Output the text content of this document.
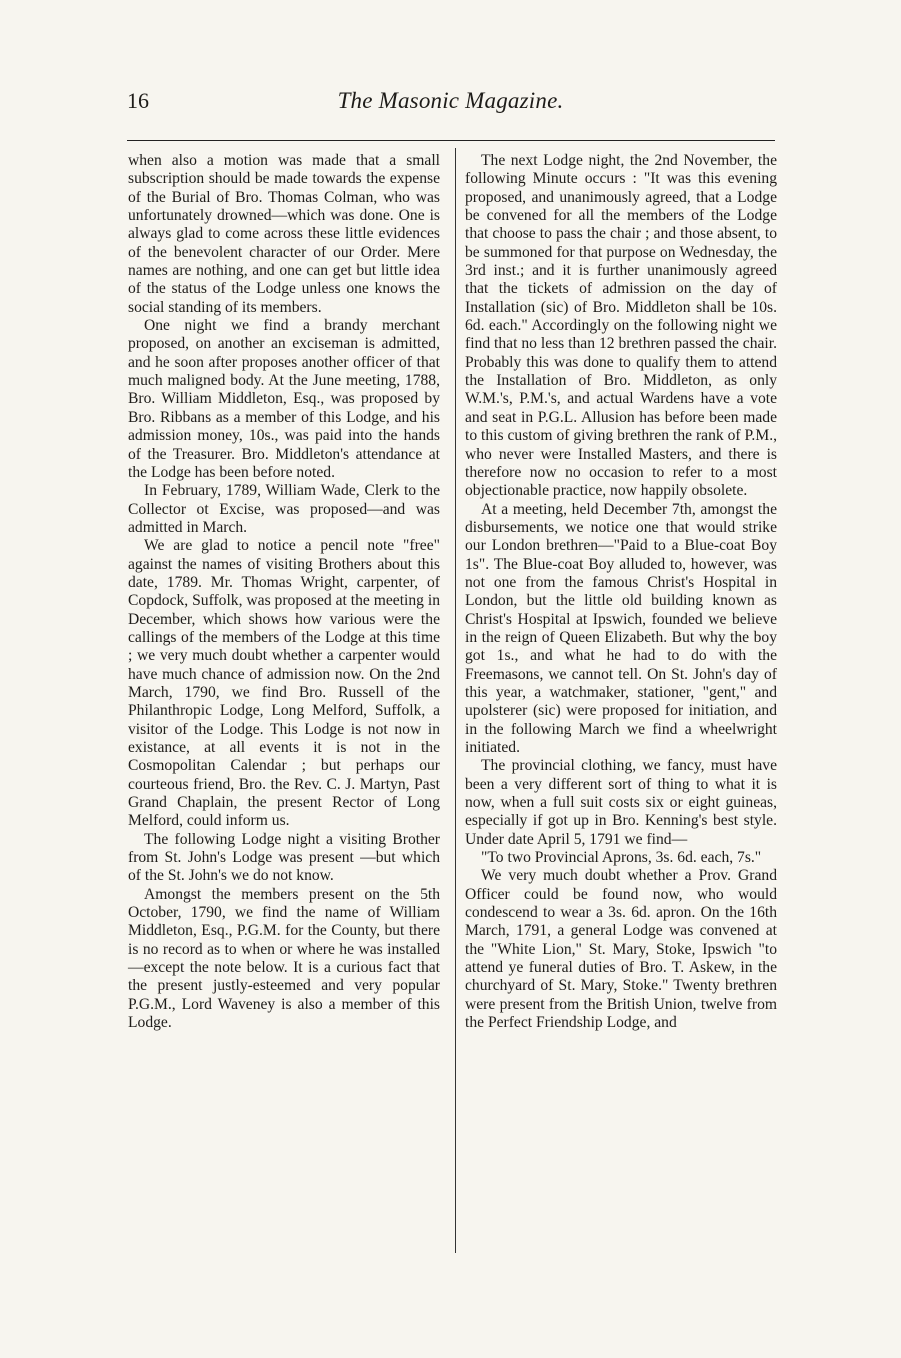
16	The Masonic Magazine.

when also a motion was made that a small subscription should be made towards the expense of the Burial of Bro. Thomas Colman, who was unfortunately drowned—which was done. One is always glad to come across these little evidences of the benevolent character of our Order. Mere names are nothing, and one can get but little idea of the status of the Lodge unless one knows the social standing of its members.

One night we find a brandy merchant proposed, on another an exciseman is admitted, and he soon after proposes another officer of that much maligned body. At the June meeting, 1788, Bro. William Middleton, Esq., was proposed by Bro. Ribbans as a member of this Lodge, and his admission money, 10s., was paid into the hands of the Treasurer. Bro. Middleton's attendance at the Lodge has been before noted.

In February, 1789, William Wade, Clerk to the Collector ot Excise, was proposed—and was admitted in March.

We are glad to notice a pencil note "free" against the names of visiting Brothers about this date, 1789. Mr. Thomas Wright, carpenter, of Copdock, Suffolk, was proposed at the meeting in December, which shows how various were the callings of the members of the Lodge at this time ; we very much doubt whether a carpenter would have much chance of admission now. On the 2nd March, 1790, we find Bro. Russell of the Philanthropic Lodge, Long Melford, Suffolk, a visitor of the Lodge. This Lodge is not now in existance, at all events it is not in the Cosmopolitan Calendar ; but perhaps our courteous friend, Bro. the Rev. C. J. Martyn, Past Grand Chaplain, the present Rector of Long Melford, could inform us.

The following Lodge night a visiting Brother from St. John's Lodge was present —but which of the St. John's we do not know.

Amongst the members present on the 5th October, 1790, we find the name of William Middleton, Esq., P.G.M. for the County, but there is no record as to when or where he was installed—except the note below. It is a curious fact that the present justly-esteemed and very popular P.G.M., Lord Waveney is also a member of this Lodge.

The next Lodge night, the 2nd November, the following Minute occurs : "It was this evening proposed, and unanimously agreed, that a Lodge be convened for all the members of the Lodge that choose to pass the chair ; and those absent, to be summoned for that purpose on Wednesday, the 3rd inst.; and it is further unanimously agreed that the tickets of admission on the day of Installation (sic) of Bro. Middleton shall be 10s. 6d. each." Accordingly on the following night we find that no less than 12 brethren passed the chair. Probably this was done to qualify them to attend the Installation of Bro. Middleton, as only W.M.'s, P.M.'s, and actual Wardens have a vote and seat in P.G.L. Allusion has before been made to this custom of giving brethren the rank of P.M., who never were Installed Masters, and there is therefore now no occasion to refer to a most objectionable practice, now happily obsolete.

At a meeting, held December 7th, amongst the disbursements, we notice one that would strike our London brethren—"Paid to a Blue-coat Boy 1s". The Blue-coat Boy alluded to, however, was not one from the famous Christ's Hospital in London, but the little old building known as Christ's Hospital at Ipswich, founded we believe in the reign of Queen Elizabeth. But why the boy got 1s., and what he had to do with the Freemasons, we cannot tell. On St. John's day of this year, a watchmaker, stationer, "gent," and upolsterer (sic) were proposed for initiation, and in the following March we find a wheelwright initiated.

The provincial clothing, we fancy, must have been a very different sort of thing to what it is now, when a full suit costs six or eight guineas, especially if got up in Bro. Kenning's best style. Under date April 5, 1791 we find—

"To two Provincial Aprons, 3s. 6d. each, 7s."

We very much doubt whether a Prov. Grand Officer could be found now, who would condescend to wear a 3s. 6d. apron. On the 16th March, 1791, a general Lodge was convened at the "White Lion," St. Mary, Stoke, Ipswich "to attend ye funeral duties of Bro. T. Askew, in the churchyard of St. Mary, Stoke." Twenty brethren were present from the British Union, twelve from the Perfect Friendship Lodge, and
